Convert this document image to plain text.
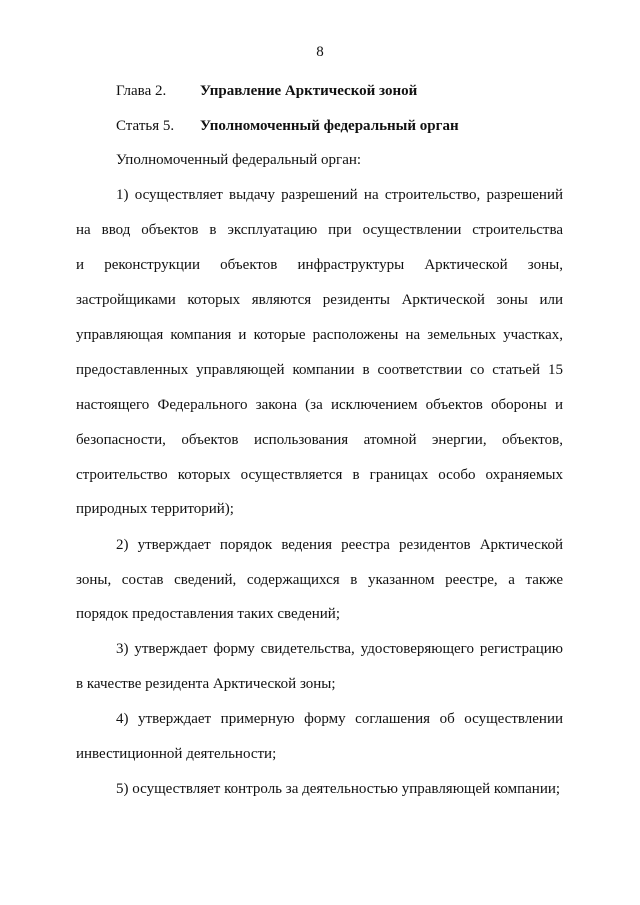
8
Глава 2. Управление Арктической зоной
Статья 5. Уполномоченный федеральный орган
Уполномоченный федеральный орган:
1) осуществляет выдачу разрешений на строительство, разрешений
на ввод объектов в эксплуатацию при осуществлении строительства
и реконструкции объектов инфраструктуры Арктической зоны,
застройщиками которых являются резиденты Арктической зоны или
управляющая компания и которые расположены на земельных участках,
предоставленных управляющей компании в соответствии со статьей 15
настоящего Федерального закона (за исключением объектов обороны и
безопасности, объектов использования атомной энергии, объектов,
строительство которых осуществляется в границах особо охраняемых
природных территорий);
2) утверждает порядок ведения реестра резидентов Арктической
зоны, состав сведений, содержащихся в указанном реестре, а также
порядок предоставления таких сведений;
3) утверждает форму свидетельства, удостоверяющего регистрацию
в качестве резидента Арктической зоны;
4) утверждает примерную форму соглашения об осуществлении
инвестиционной деятельности;
5) осуществляет контроль за деятельностью управляющей компании;
